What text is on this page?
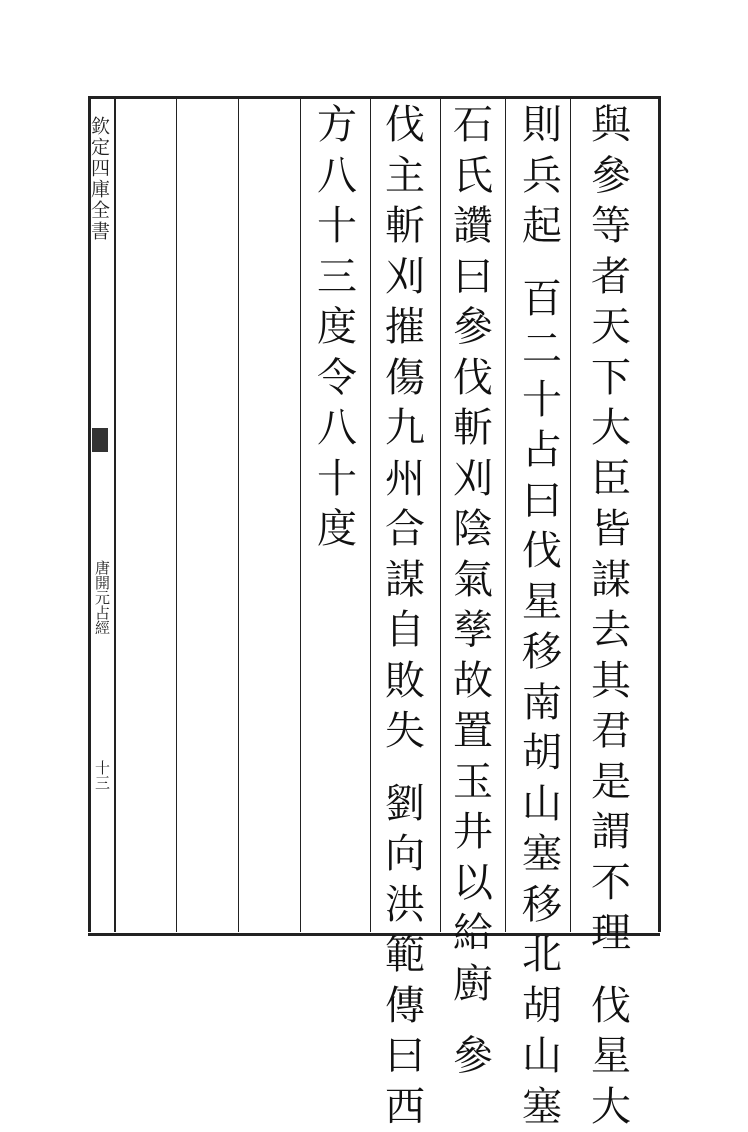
欽定四庫全書
唐開元占經
十三
與
參
等
者
天
下
大
臣
皆
謀
去
其
君
是
謂
不
理
伐
星
大
則
兵
起
百
二
十
占
曰
伐
星
移
南
胡
山
塞
移
北
胡
山
塞
石
氏
讚
曰
參
伐
斬
刈
陰
氣
孳
故
置
玉
井
以
給
廚
參
伐
主
斬
刈
摧
傷
九
州
合
謀
自
敗
失
劉
向
洪
範
傳
曰
西
方
八
十
三
度
令
八
十
度
